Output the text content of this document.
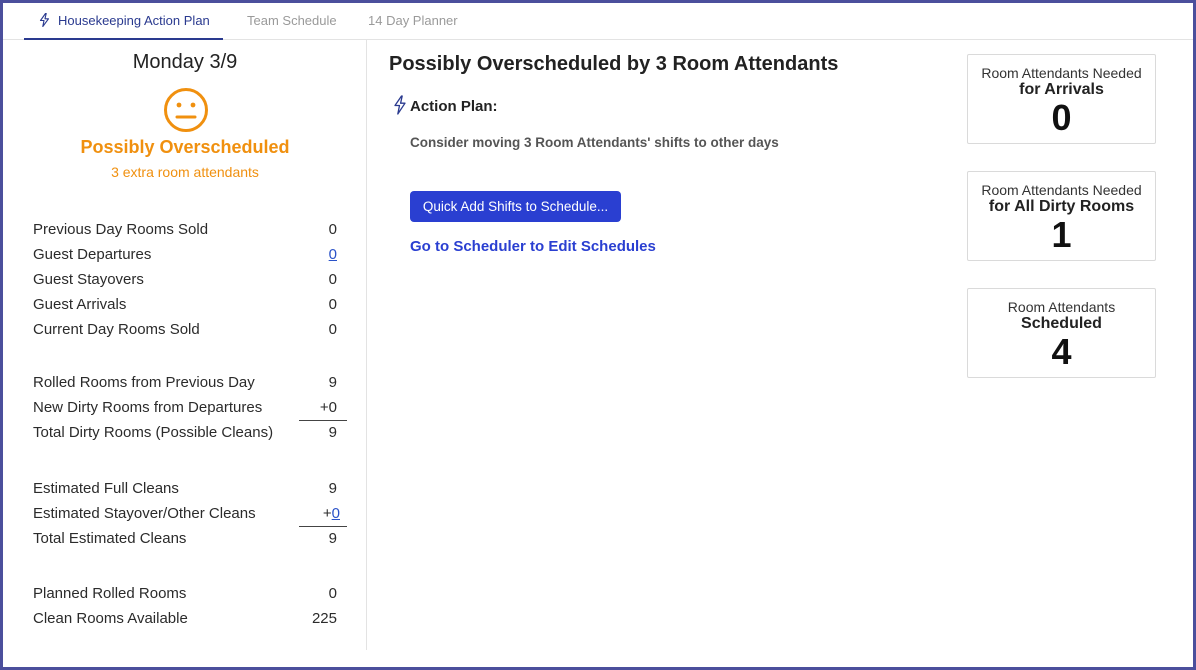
Housekeeping Action Plan	Team Schedule 14 Day Planner
Monday 3/9
Possibly Overscheduled
3 extra room attendants
Previous Day Rooms Sold	0
Guest Departures	0
Guest Stayovers	0
Guest Arrivals	0
Current Day Rooms Sold	0
Rolled Rooms from Previous Day	9
New Dirty Rooms from Departures	+0
Total Dirty Rooms (Possible Cleans)	9
Estimated Full Cleans	9
Estimated Stayover/Other Cleans	+0
Total Estimated Cleans	9
Planned Rolled Rooms	0
Clean Rooms Available	225
Possibly Overscheduled by 3 Room Attendants
Action Plan:
Consider moving 3 Room Attendants' shifts to other days
Quick Add Shifts to Schedule...
Go to Scheduler to Edit Schedules
Room Attendants Needed
for Arrivals
0
Room Attendants Needed
for All Dirty Rooms
1
Room Attendants
Scheduled
4
